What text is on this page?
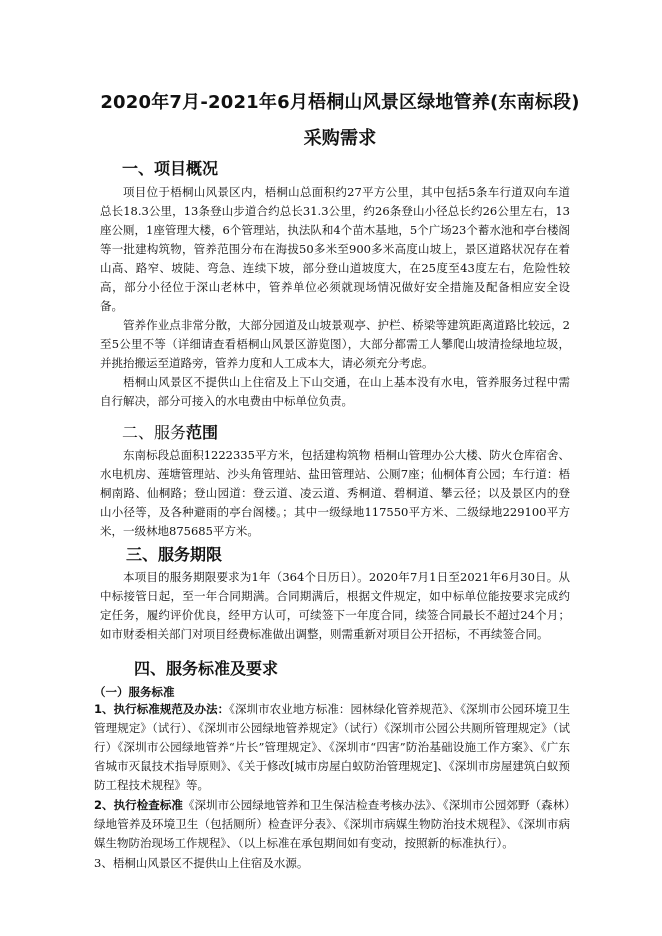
2020年7月-2021年6月梧桐山风景区绿地管养(东南标段)
采购需求
一、项目概况

项目位于梧桐山风景区内，梧桐山总面积约27平方公里，其中包括5条车行道双向车道总长18.3公里，13条登山步道合约总长31.3公里，约26条登山小径总长约26公里左右，13座公厕，1座管理大楼，6个管理站，执法队和4个苗木基地，5个广场23个蓄水池和亭台楼阁等一批建构筑物，管养范围分布在海拔50多米至900多米高度山坡上，景区道路状况存在着山高、路窄、坡陡、弯急、连续下坡，部分登山道坡度大，在25度至43度左右，危险性较高，部分小径位于深山老林中，管养单位必须就现场情况做好安全措施及配备相应安全设备。

管养作业点非常分散，大部分园道及山坡景观亭、护栏、桥梁等建筑距离道路比较远，2至5公里不等（详细请查看梧桐山风景区游览图），大部分都需工人攀爬山坡清捡绿地垃圾，并挑抬搬运至道路旁，管养力度和人工成本大，请必须充分考虑。

梧桐山风景区不提供山上住宿及上下山交通，在山上基本没有水电，管养服务过程中需自行解决，部分可接入的水电费由中标单位负责。

二、服务范围

东南标段总面积1222335平方米，包括建构筑物 梧桐山管理办公大楼、防火仓库宿舍、水电机房、莲塘管理站、沙头角管理站、盐田管理站、公厕7座；仙桐体育公园；车行道：梧桐南路、仙桐路；登山园道：登云道、凌云道、秀桐道、碧桐道、攀云径；以及景区内的登山小径等，及各种避雨的亭台阁楼。；其中一级绿地117550平方米、二级绿地229100平方米，一级林地875685平方米。

三、服务期限

本项目的服务期限要求为1年（364个日历日）。2020年7月1日至2021年6月30日。从中标接管日起，至一年合同期满。合同期满后，根据文件规定，如中标单位能按要求完成约定任务，履约评价优良，经甲方认可，可续签下一年度合同，续签合同最长不超过24个月；如市财委相关部门对项目经费标准做出调整，则需重新对项目公开招标，不再续签合同。

四、服务标准及要求
（一）服务标准

1、执行标准规范及办法：《深圳市农业地方标准：园林绿化管养规范》、《深圳市公园环境卫生管理规定》（试行）、《深圳市公园绿地管养规定》（试行）《深圳市公园公共厕所管理规定》（试行）《深圳市公园绿地管养“片长”管理规定》、《深圳市“四害”防治基础设施工作方案》、《广东省城市灭鼠技术指导原则》、《关于修改[城市房屋白蚁防治管理规定]、《深圳市房屋建筑白蚁预防工程技术规程》等。

2、执行检查标准《深圳市公园绿地管养和卫生保洁检查考核办法》、《深圳市公园郊野（森林）绿地管养及环境卫生（包括厕所）检查评分表》、《深圳市病媒生物防治技术规程》、《深圳市病媒生物防治现场工作规程》、（以上标准在承包期间如有变动，按照新的标准执行）。

3、梧桐山风景区不提供山上住宿及水源。
